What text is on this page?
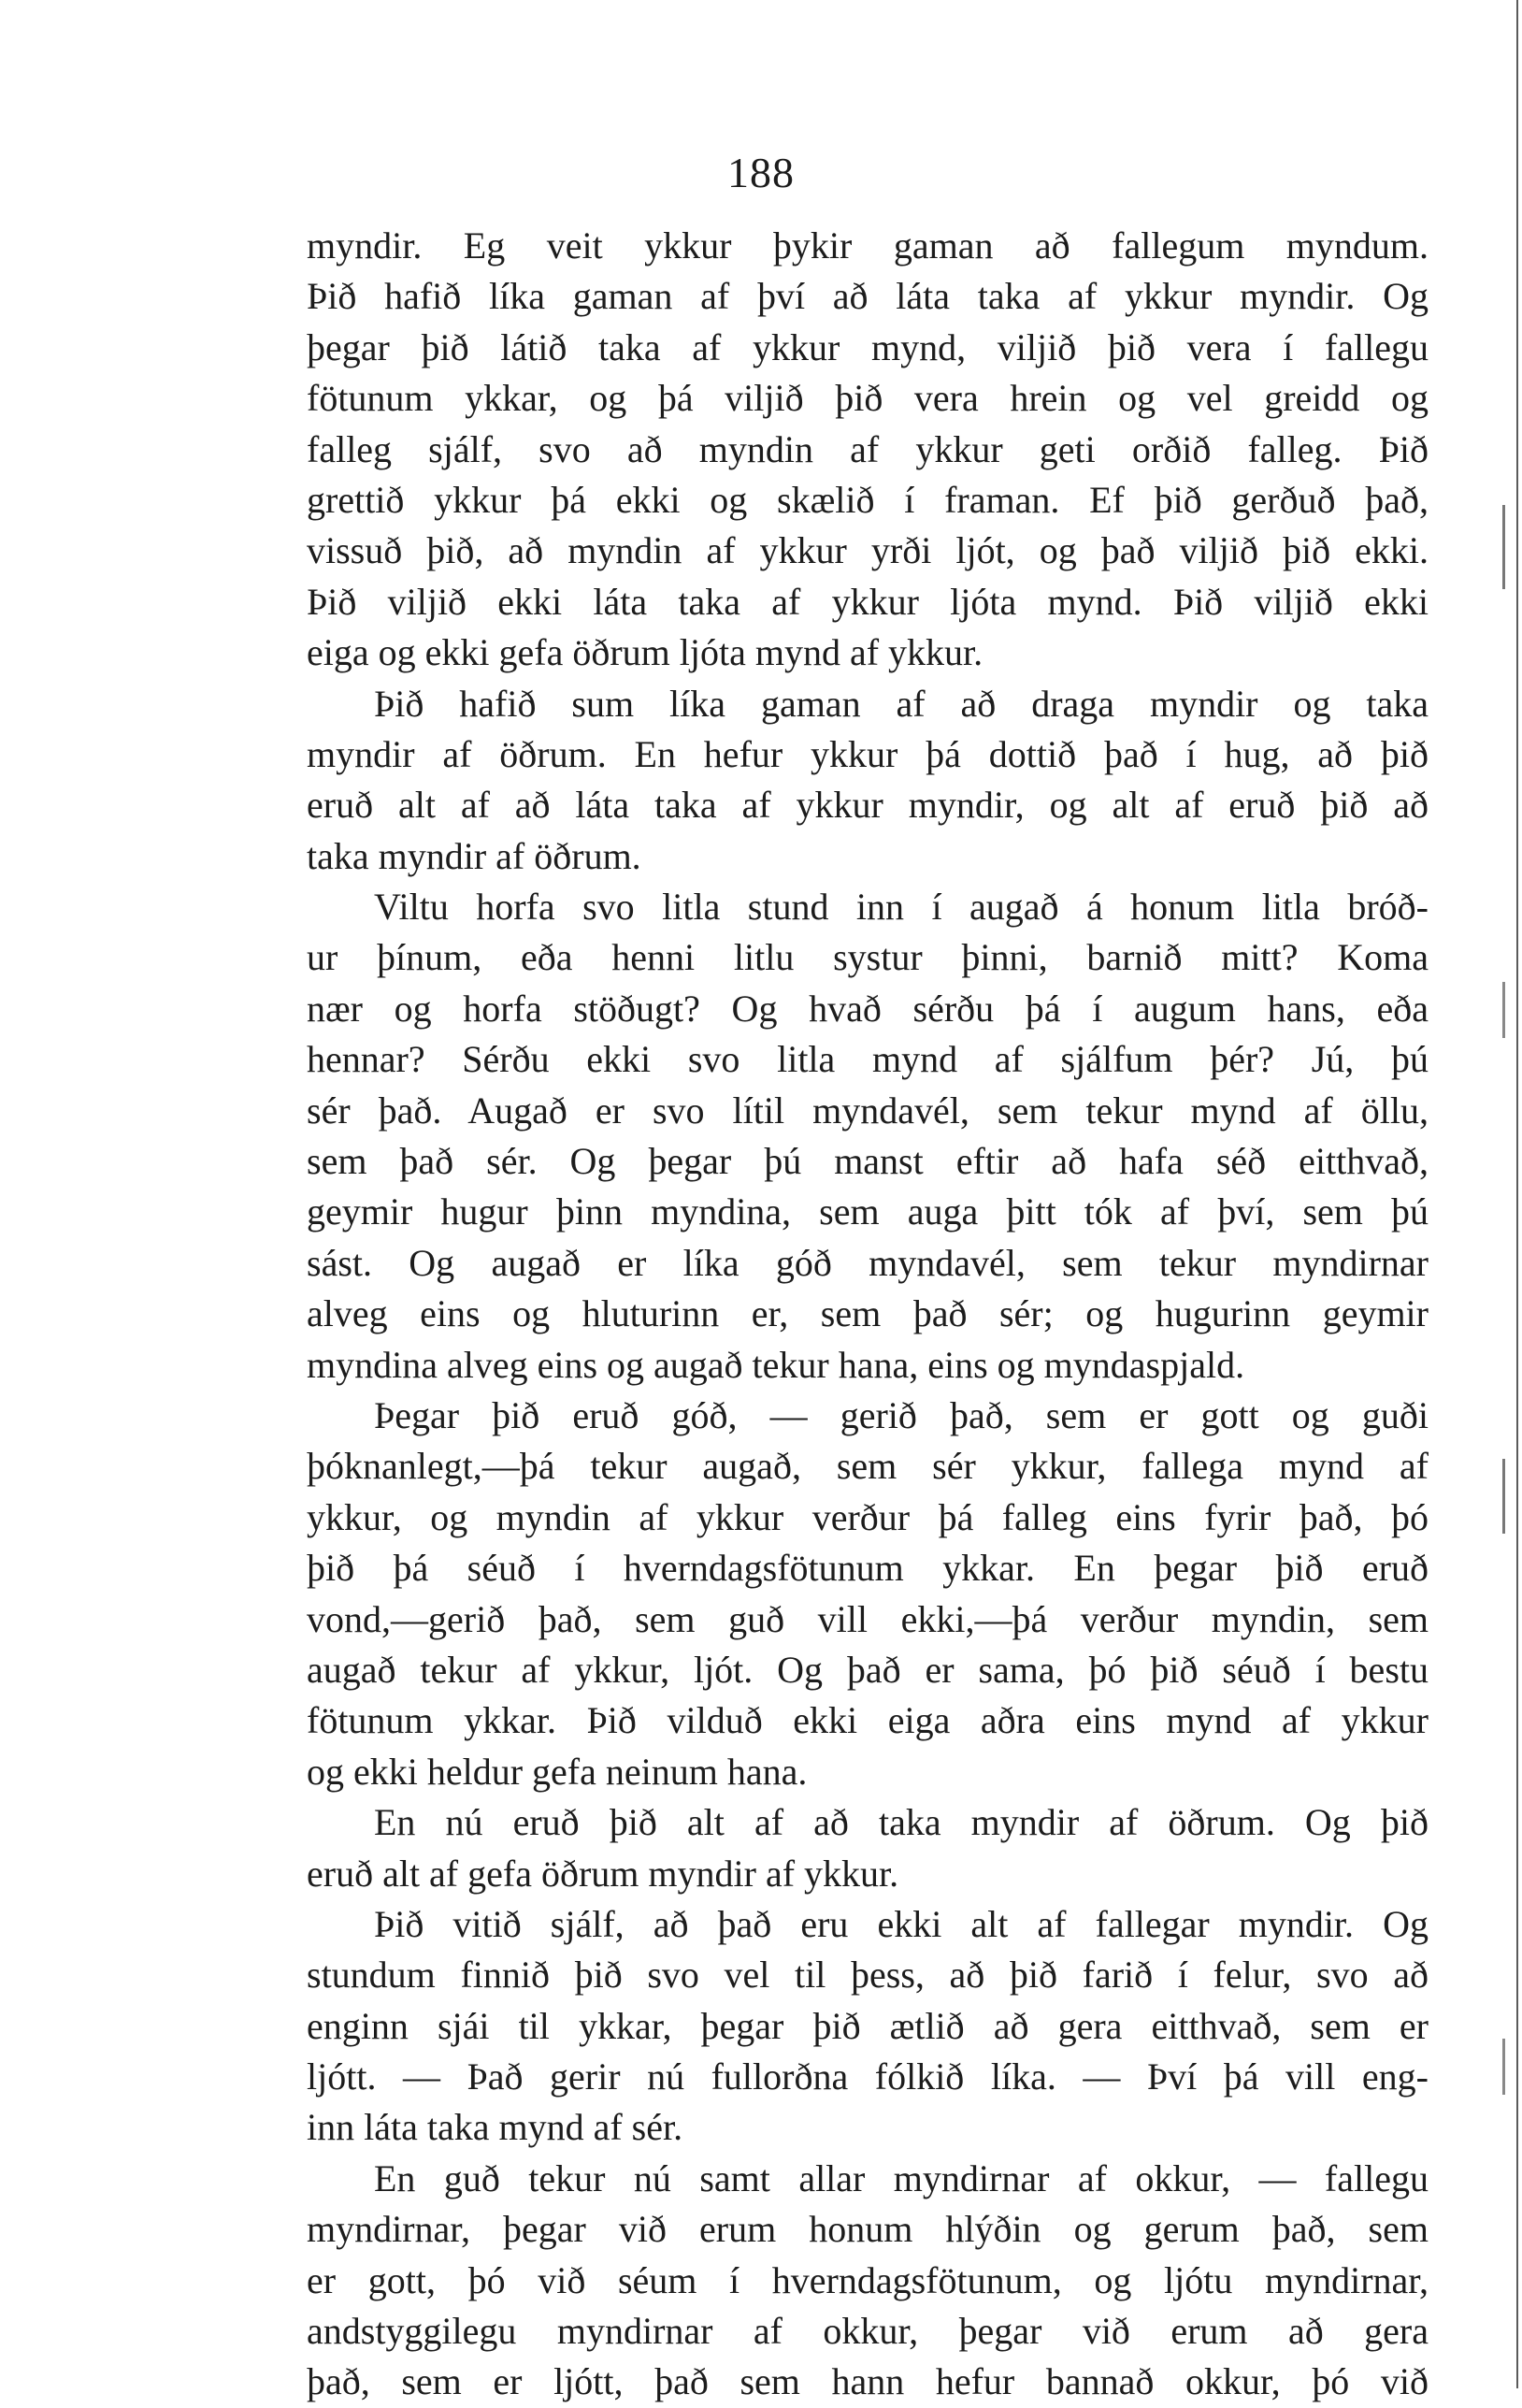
188
myndir. Eg veit ykkur þykir gaman að fallegum myndum.
Þið hafið líka gaman af því að láta taka af ykkur myndir. Og
þegar þið látið taka af ykkur mynd, viljið þið vera í fallegu
fötunum ykkar, og þá viljið þið vera hrein og vel greidd og
falleg sjálf, svo að myndin af ykkur geti orðið falleg. Þið
grettið ykkur þá ekki og skælið í framan. Ef þið gerðuð það,
vissuð þið, að myndin af ykkur yrði ljót, og það viljið þið ekki.
Þið viljið ekki láta taka af ykkur ljóta mynd. Þið viljið ekki
eiga og ekki gefa öðrum ljóta mynd af ykkur.
Þið hafið sum líka gaman af að draga myndir og taka
myndir af öðrum. En hefur ykkur þá dottið það í hug, að þið
eruð alt af að láta taka af ykkur myndir, og alt af eruð þið að
taka myndir af öðrum.
Viltu horfa svo litla stund inn í augað á honum litla bróð-
ur þínum, eða henni litlu systur þinni, barnið mitt? Koma
nær og horfa stöðugt? Og hvað sérðu þá í augum hans, eða
hennar? Sérðu ekki svo litla mynd af sjálfum þér? Jú, þú
sér það. Augað er svo lítil myndavél, sem tekur mynd af öllu,
sem það sér. Og þegar þú manst eftir að hafa séð eitthvað,
geymir hugur þinn myndina, sem auga þitt tók af því, sem þú
sást. Og augað er líka góð myndavél, sem tekur myndirnar
alveg eins og hluturinn er, sem það sér; og hugurinn geymir
myndina alveg eins og augað tekur hana, eins og myndaspjald.
Þegar þið eruð góð, — gerið það, sem er gott og guði
þóknanlegt,—þá tekur augað, sem sér ykkur, fallega mynd af
ykkur, og myndin af ykkur verður þá falleg eins fyrir það, þó
þið þá séuð í hverndagsfötunum ykkar. En þegar þið eruð
vond,—gerið það, sem guð vill ekki,—þá verður myndin, sem
augað tekur af ykkur, ljót. Og það er sama, þó þið séuð í bestu
fötunum ykkar. Þið vilduð ekki eiga aðra eins mynd af ykkur
og ekki heldur gefa neinum hana.
En nú eruð þið alt af að taka myndir af öðrum. Og þið
eruð alt af gefa öðrum myndir af ykkur.
Þið vitið sjálf, að það eru ekki alt af fallegar myndir. Og
stundum finnið þið svo vel til þess, að þið farið í felur, svo að
enginn sjái til ykkar, þegar þið ætlið að gera eitthvað, sem er
ljótt. — Það gerir nú fullorðna fólkið líka. — Því þá vill eng-
inn láta taka mynd af sér.
En guð tekur nú samt allar myndirnar af okkur, — fallegu
myndirnar, þegar við erum honum hlýðin og gerum það, sem
er gott, þó við séum í hverndagsfötunum, og ljótu myndirnar,
andstyggilegu myndirnar af okkur, þegar við erum að gera
það, sem er ljótt, það sem hann hefur bannað okkur, þó við
